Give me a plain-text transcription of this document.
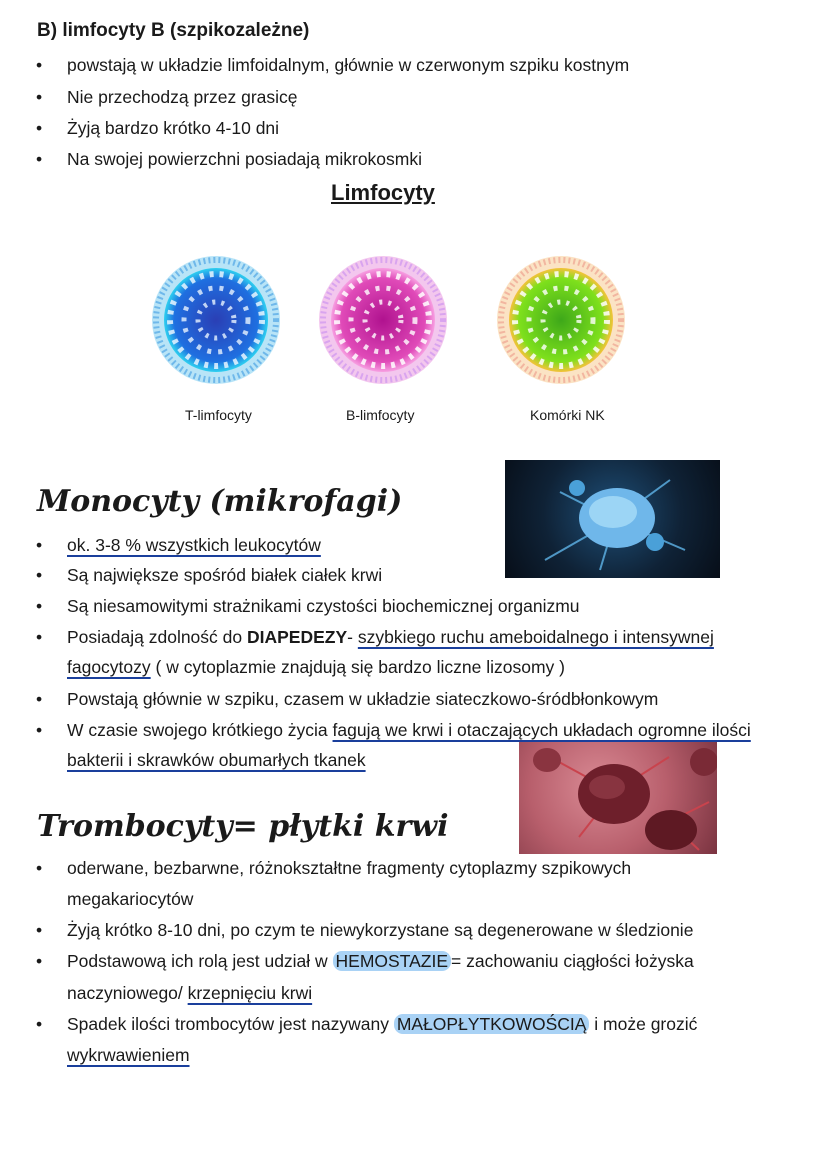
B) limfocyty B (szpikozależne)
•	powstają w układzie limfoidalnym, głównie w czerwonym szpiku kostnym
•	Nie przechodzą przez grasicę
•	Żyją bardzo krótko 4-10 dni
•	Na swojej powierzchni posiadają mikrokosmki
Limfocyty
T-limfocyty	B-limfocyty	Komórki NK
Monocyty (mikrofagi)
•	ok. 3-8 % wszystkich leukocytów
•	Są największe spośród białek ciałek krwi
•	Są niesamowitymi strażnikami czystości biochemicznej organizmu
•	Posiadają zdolność do DIAPEDEZY- szybkiego ruchu ameboidalnego i intensywnej
fagocytozy ( w cytoplazmie znajdują się bardzo liczne lizosomy )
•	Powstają głównie w szpiku, czasem w układzie siateczkowo-śródbłonkowym
•	W czasie swojego krótkiego życia fagują we krwi i otaczających układach ogromne ilości
bakterii i skrawków obumarłych tkanek
Trombocyty= płytki krwi
•	oderwane, bezbarwne, różnokształtne fragmenty cytoplazmy szpikowych
megakariocytów
•	Żyją krótko 8-10 dni, po czym te niewykorzystane są degenerowane w śledzionie
•	Podstawową ich rolą jest udział w HEMOSTAZIE = zachowaniu ciągłości łożyska
naczyniowego/ krzepnięciu krwi
•	Spadek ilości trombocytów jest nazywany MAŁOPŁYTKOWOŚCIĄ i może grozić
wykrwawieniem
